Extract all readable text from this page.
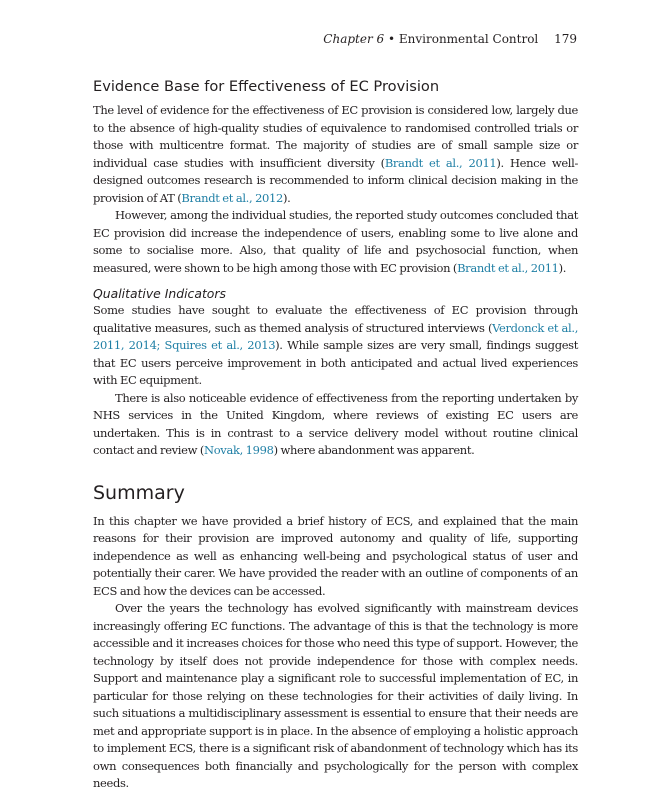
Chapter 6 • Environmental Control 179
Evidence Base for Effectiveness of EC Provision

The level of evidence for the effectiveness of EC provision is considered low, largely due to the absence of high-quality studies of equivalence to randomised controlled trials or those with multicentre format. The majority of studies are of small sample size or individual case studies with insufficient diversity (Brandt et al., 2011). Hence well-designed outcomes research is recommended to inform clinical decision making in the provision of AT (Brandt et al., 2012).

However, among the individual studies, the reported study outcomes concluded that EC provision did increase the independence of users, enabling some to live alone and some to socialise more. Also, that quality of life and psychosocial function, when measured, were shown to be high among those with EC provision (Brandt et al., 2011).

Qualitative Indicators

Some studies have sought to evaluate the effectiveness of EC provision through qualitative measures, such as themed analysis of structured interviews (Verdonck et al., 2011, 2014; Squires et al., 2013). While sample sizes are very small, findings suggest that EC users perceive improvement in both anticipated and actual lived experiences with EC equipment.

There is also noticeable evidence of effectiveness from the reporting undertaken by NHS services in the United Kingdom, where reviews of existing EC users are undertaken. This is in contrast to a service delivery model without routine clinical contact and review (Novak, 1998) where abandonment was apparent.

Summary

In this chapter we have provided a brief history of ECS, and explained that the main reasons for their provision are improved autonomy and quality of life, supporting independence as well as enhancing well-being and psychological status of user and potentially their carer. We have provided the reader with an outline of components of an ECS and how the devices can be accessed.

Over the years the technology has evolved significantly with mainstream devices increasingly offering EC functions. The advantage of this is that the technology is more accessible and it increases choices for those who need this type of support. However, the technology by itself does not provide independence for those with complex needs. Support and maintenance play a significant role to successful implementation of EC, in particular for those relying on these technologies for their activities of daily living. In such situations a multidisciplinary assessment is essential to ensure that their needs are met and appropriate support is in place. In the absence of employing a holistic approach to implement ECS, there is a significant risk of abandonment of technology which has its own consequences both financially and psychologically for the person with complex needs.
